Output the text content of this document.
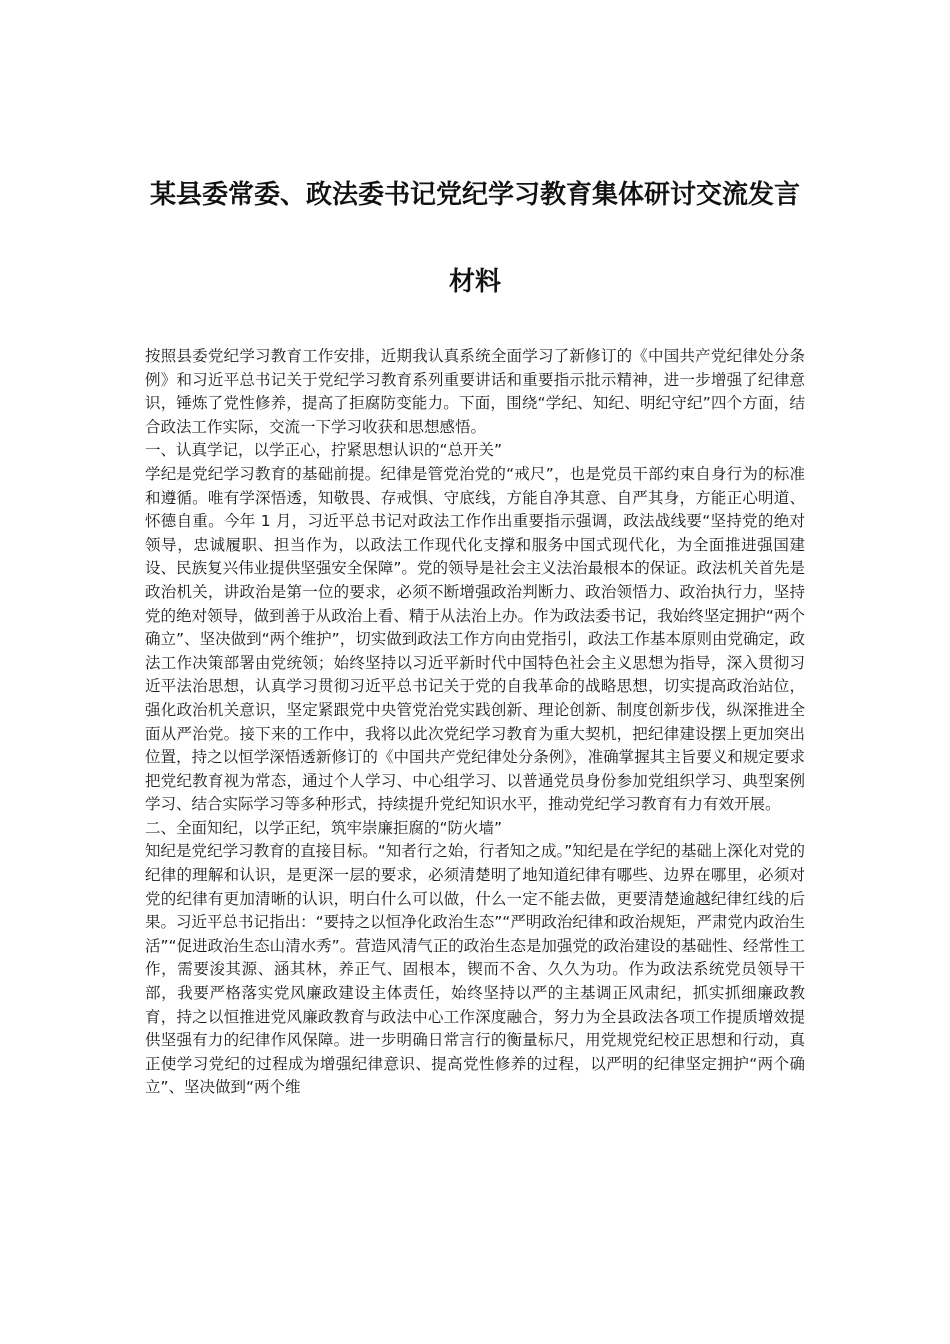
某县委常委、政法委书记党纪学习教育集体研讨交流发言
材料

按照县委党纪学习教育工作安排，近期我认真系统全面学习了新修订的《中国共产党纪律处分条例》和习近平总书记关于党纪学习教育系列重要讲话和重要指示批示精神，进一步增强了纪律意识，锤炼了党性修养，提高了拒腐防变能力。下面，围绕“学纪、知纪、明纪守纪”四个方面，结合政法工作实际，交流一下学习收获和思想感悟。

一、认真学记，以学正心，拧紧思想认识的“总开关”

学纪是党纪学习教育的基础前提。纪律是管党治党的“戒尺”，也是党员干部约束自身行为的标准和遵循。唯有学深悟透，知敬畏、存戒惧、守底线，方能自净其意、自严其身，方能正心明道、怀德自重。今年 1 月，习近平总书记对政法工作作出重要指示强调，政法战线要“坚持党的绝对领导，忠诚履职、担当作为，以政法工作现代化支撑和服务中国式现代化，为全面推进强国建设、民族复兴伟业提供坚强安全保障”。党的领导是社会主义法治最根本的保证。政法机关首先是政治机关，讲政治是第一位的要求，必须不断增强政治判断力、政治领悟力、政治执行力，坚持党的绝对领导，做到善于从政治上看、精于从法治上办。作为政法委书记，我始终坚定拥护“两个确立”、坚决做到“两个维护”，切实做到政法工作方向由党指引，政法工作基本原则由党确定，政法工作决策部署由党统领；始终坚持以习近平新时代中国特色社会主义思想为指导，深入贯彻习近平法治思想，认真学习贯彻习近平总书记关于党的自我革命的战略思想，切实提高政治站位，强化政治机关意识，坚定紧跟党中央管党治党实践创新、理论创新、制度创新步伐，纵深推进全面从严治党。接下来的工作中，我将以此次党纪学习教育为重大契机，把纪律建设摆上更加突出位置，持之以恒学深悟透新修订的《中国共产党纪律处分条例》，准确掌握其主旨要义和规定要求把党纪教育视为常态，通过个人学习、中心组学习、以普通党员身份参加党组织学习、典型案例学习、结合实际学习等多种形式，持续提升党纪知识水平，推动党纪学习教育有力有效开展。

二、全面知纪，以学正纪，筑牢崇廉拒腐的“防火墙”

知纪是党纪学习教育的直接目标。“知者行之始，行者知之成。”知纪是在学纪的基础上深化对党的纪律的理解和认识，是更深一层的要求，必须清楚明了地知道纪律有哪些、边界在哪里，必须对党的纪律有更加清晰的认识，明白什么可以做，什么一定不能去做，更要清楚逾越纪律红线的后果。习近平总书记指出：“要持之以恒净化政治生态”“严明政治纪律和政治规矩，严肃党内政治生活”“促进政治生态山清水秀”。营造风清气正的政治生态是加强党的政治建设的基础性、经常性工作，需要浚其源、涵其林，养正气、固根本，锲而不舍、久久为功。作为政法系统党员领导干部，我要严格落实党风廉政建设主体责任，始终坚持以严的主基调正风肃纪，抓实抓细廉政教育，持之以恒推进党风廉政教育与政法中心工作深度融合，努力为全县政法各项工作提质增效提供坚强有力的纪律作风保障。进一步明确日常言行的衡量标尺，用党规党纪校正思想和行动，真正使学习党纪的过程成为增强纪律意识、提高党性修养的过程，以严明的纪律坚定拥护“两个确立”、坚决做到“两个维
